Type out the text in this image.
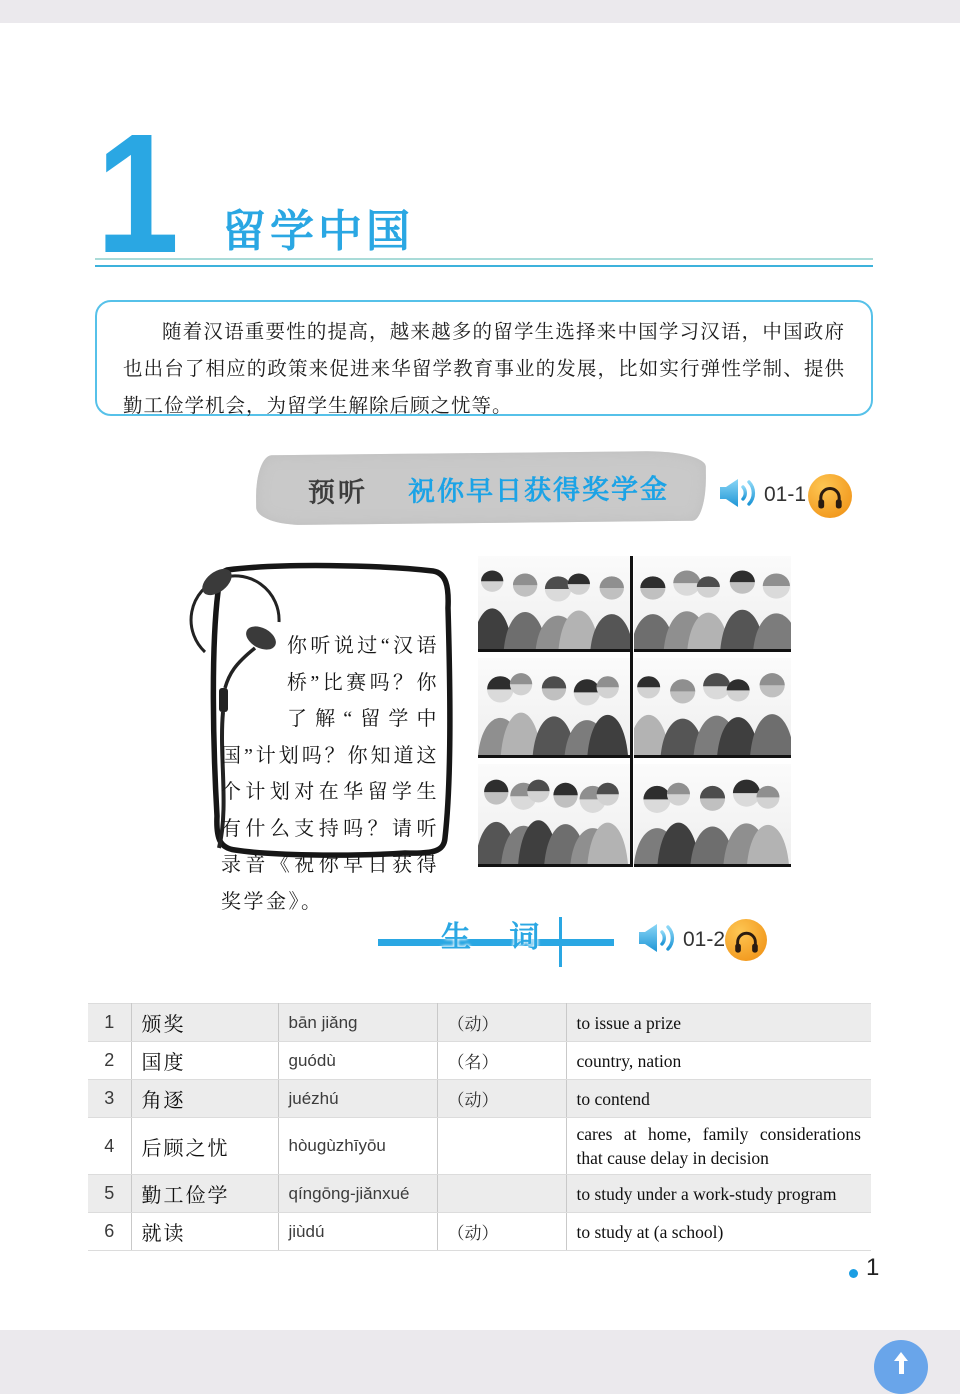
1 留学中国

随着汉语重要性的提高，越来越多的留学生选择来中国学习汉语，中国政府也出台了相应的政策来促进来华留学教育事业的发展，比如实行弹性学制、提供勤工俭学机会，为留学生解除后顾之忧等。

预听 祝你早日获得奖学金	01-1
你听说过“汉语桥”比赛吗？你了解“留学中国”计划吗？你知道这个计划对在华留学生有什么支持吗？请听录音《祝你早日获得奖学金》。
生 词	01-2
1	颁奖	bān jiǎng	（动）	to issue a prize
2	国度	guódù	（名）	country, nation
3	角逐	juézhú	（动）	to contend
4	后顾之忧	hòugùzhīyōu		cares at home, family considerations that cause delay in decision
5	勤工俭学	qíngōng-jiǎnxué		to study under a work-study program
6	就读	jiùdú	（动）	to study at (a school)
1
